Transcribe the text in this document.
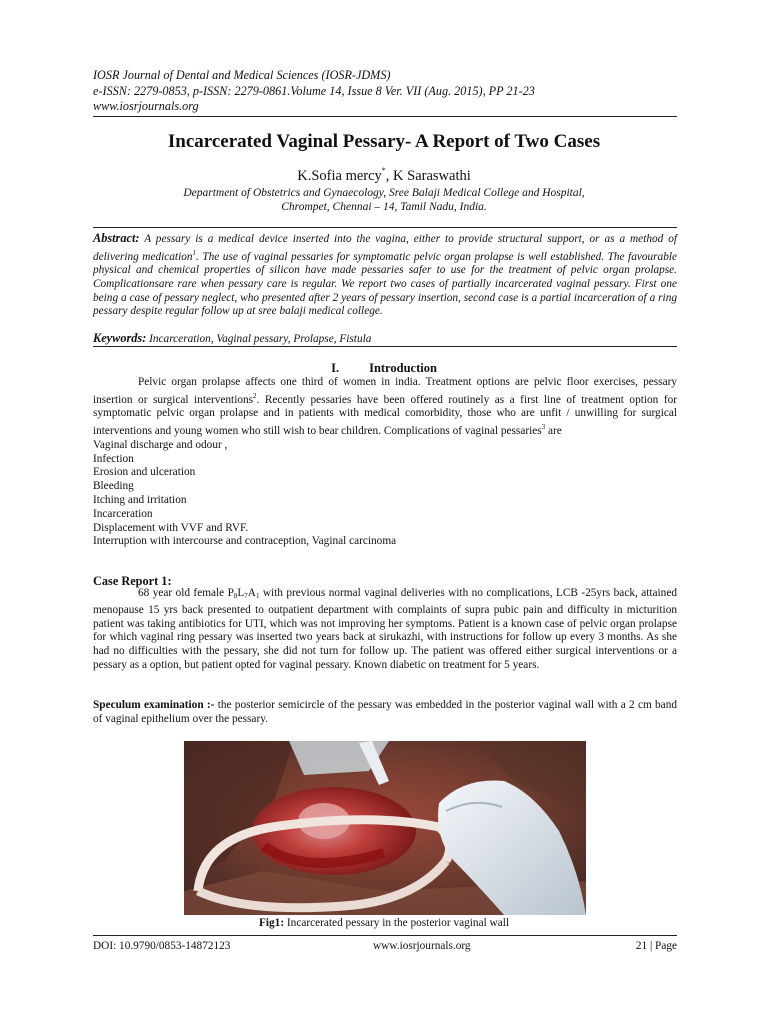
IOSR Journal of Dental and Medical Sciences (IOSR-JDMS)
e-ISSN: 2279-0853, p-ISSN: 2279-0861.Volume 14, Issue 8 Ver. VII (Aug. 2015), PP 21-23
www.iosrjournals.org
Incarcerated Vaginal Pessary- A Report of Two Cases
K.Sofia mercy*, K Saraswathi
Department of Obstetrics and Gynaecology, Sree Balaji Medical College and Hospital,
Chrompet, Chennai – 14, Tamil Nadu, India.
Abstract: A pessary is a medical device inserted into the vagina, either to provide structural support, or as a method of delivering medication$^1$. The use of vaginal pessaries for symptomatic pelvic organ prolapse is well established. The favourable physical and chemical properties of silicon have made pessaries safer to use for the treatment of pelvic organ prolapse. Complicationsare rare when pessary care is regular. We report two cases of partially incarcerated vaginal pessary. First one being a case of pessary neglect, who presented after 2 years of pessary insertion, second case is a partial incarceration of a ring pessary despite regular follow up at sree balaji medical college.
Keywords: Incarceration, Vaginal pessary, Prolapse, Fistula
I. Introduction

Pelvic organ prolapse affects one third of women in india. Treatment options are pelvic floor exercises, pessary insertion or surgical interventions$^2$. Recently pessaries have been offered routinely as a first line of treatment option for symptomatic pelvic organ prolapse and in patients with medical comorbidity, those who are unfit / unwilling for surgical interventions and young women who still wish to bear children. Complications of vaginal pessaries$^3$ are

Vaginal discharge and odour ,
Infection
Erosion and ulceration
Bleeding
Itching and irritation
Incarceration
Displacement with VVF and RVF.
Interruption with intercourse and contraception, Vaginal carcinoma
Case Report 1:

68 year old female $P_8L_7A_1$ with previous normal vaginal deliveries with no complications, LCB -25yrs back, attained menopause 15 yrs back presented to outpatient department with complaints of supra pubic pain and difficulty in micturition patient was taking antibiotics for UTI, which was not improving her symptoms. Patient is a known case of pelvic organ prolapse for which vaginal ring pessary was inserted two years back at sirukazhi, with instructions for follow up every 3 months. As she had no difficulties with the pessary, she did not turn for follow up. The patient was offered either surgical interventions or a pessary as a option, but patient opted for vaginal pessary. Known diabetic on treatment for 5 years.

Speculum examination :- the posterior semicircle of the pessary was embedded in the posterior vaginal wall with a 2 cm band of vaginal epithelium over the pessary.
Fig1: Incarcerated pessary in the posterior vaginal wall
DOI: 10.9790/0853-14872123	www.iosrjournals.org	21 | Page
